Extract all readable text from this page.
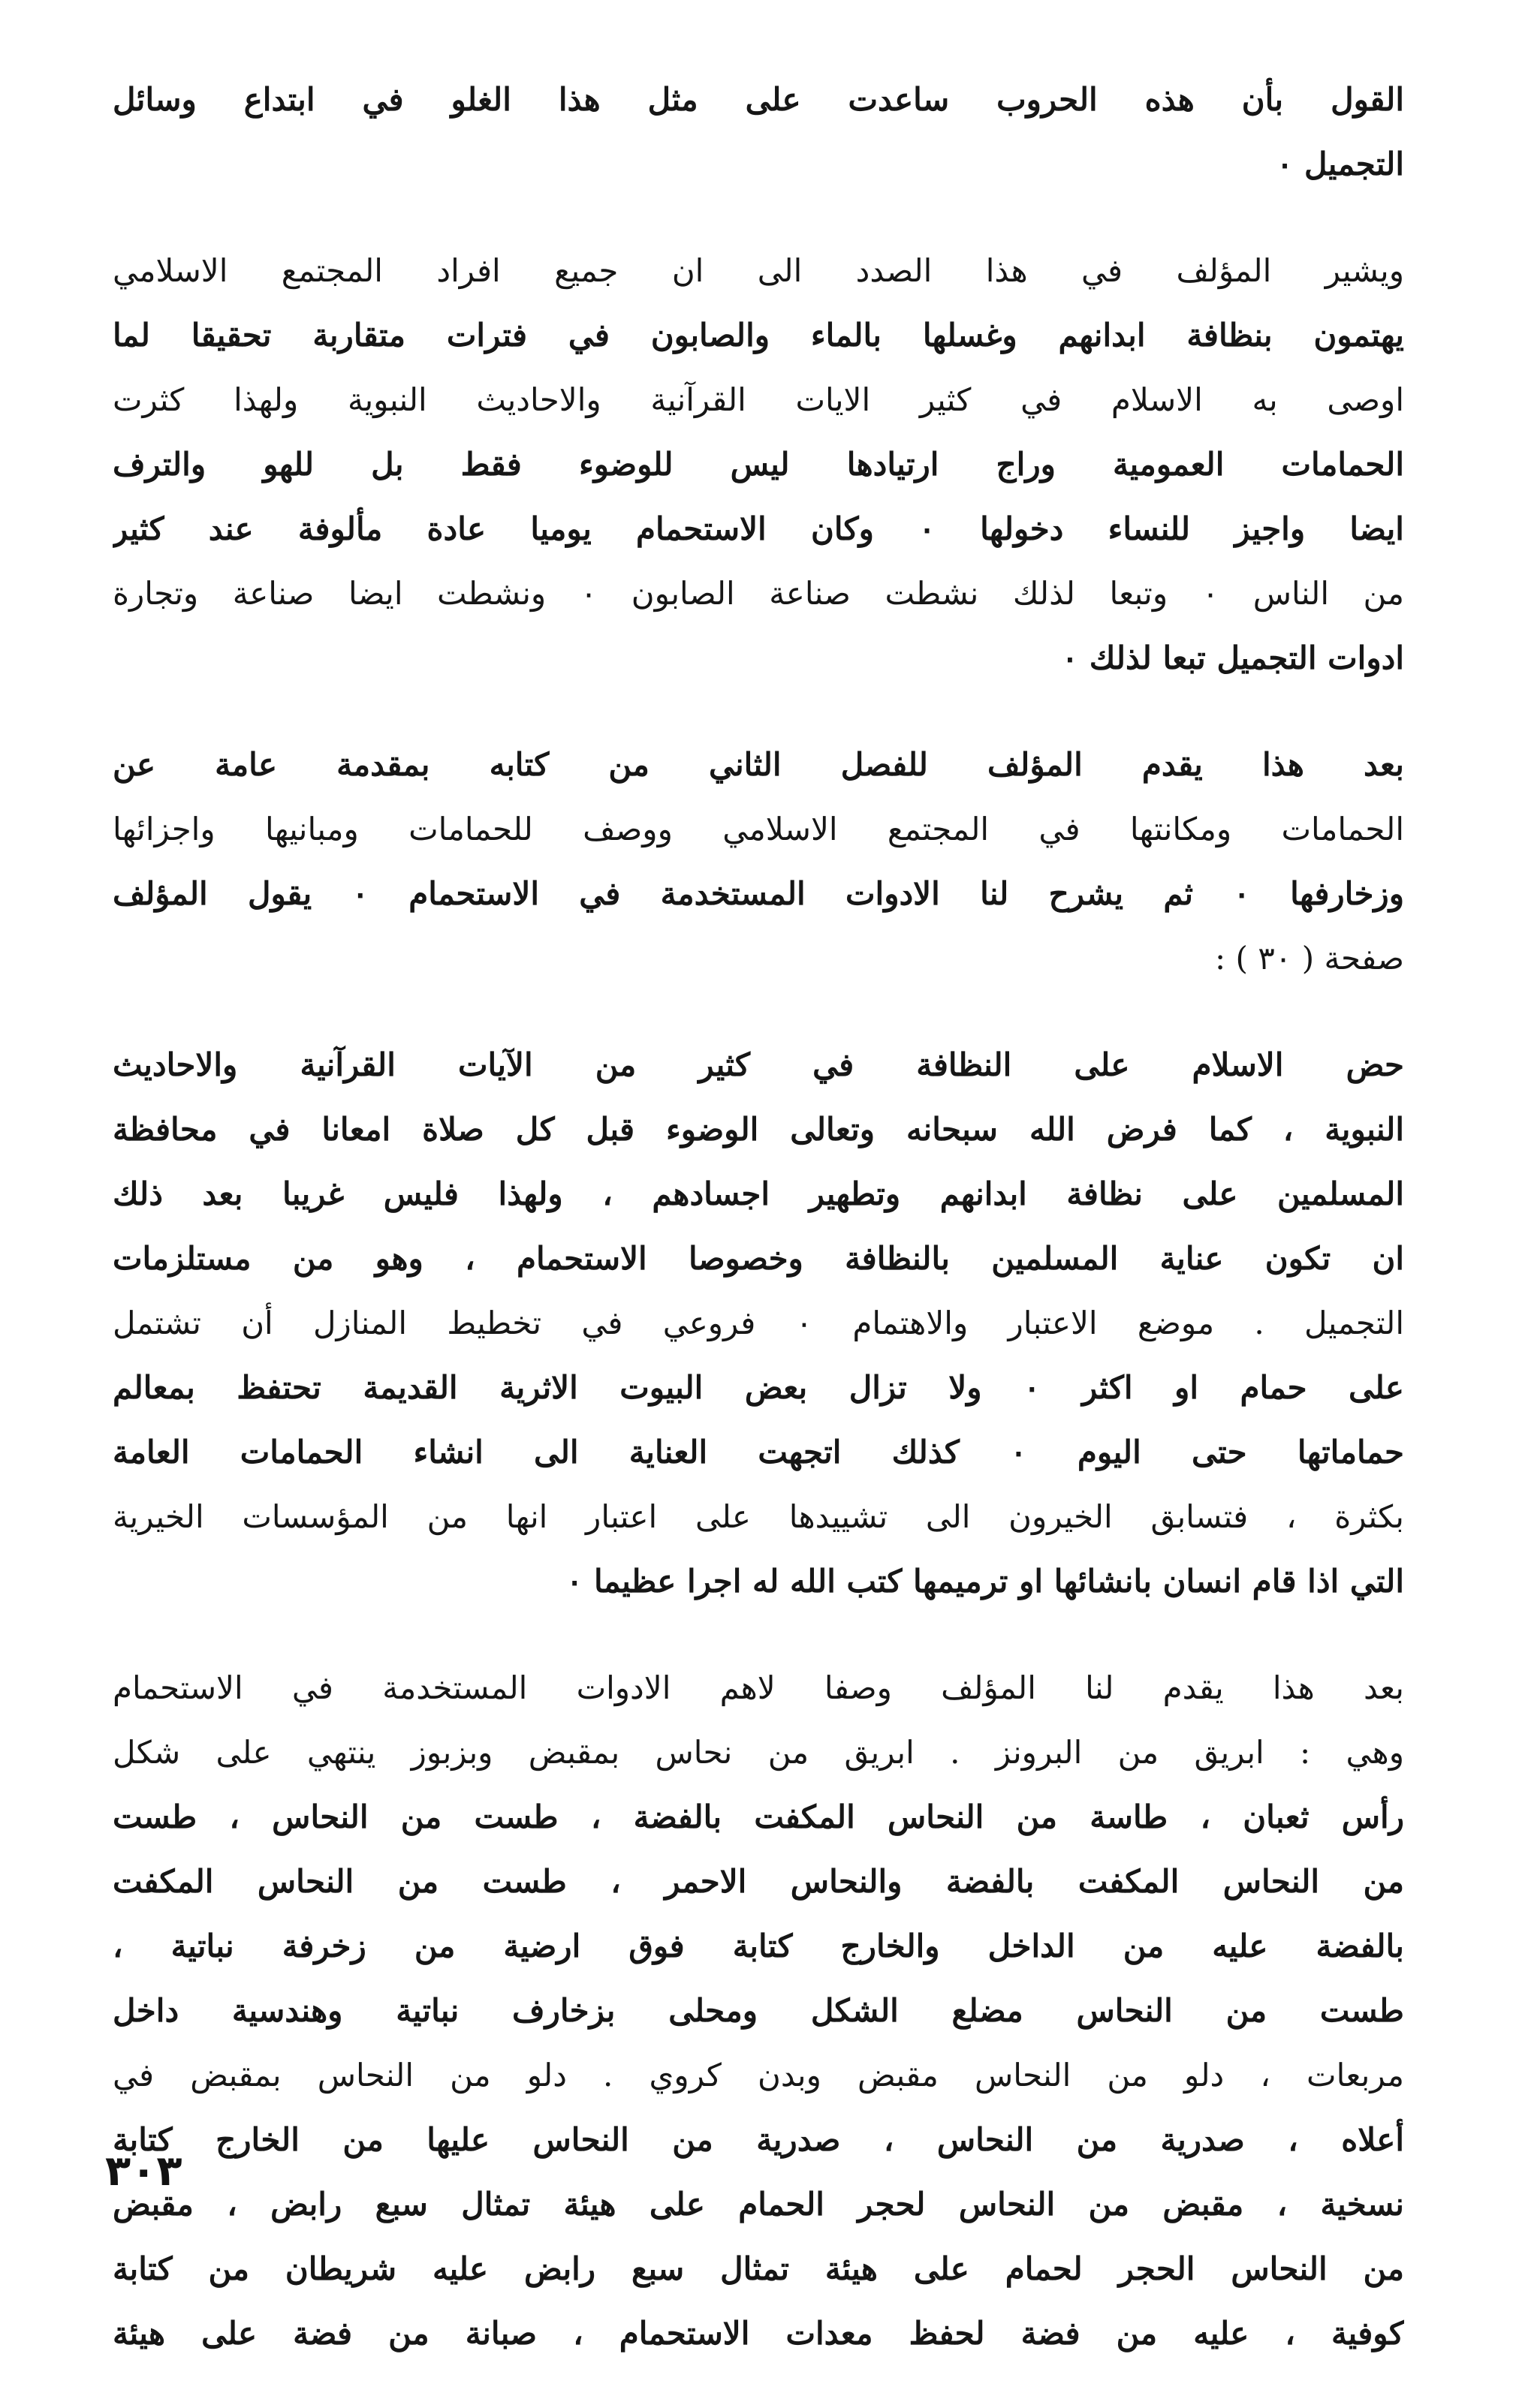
القول بأن هذه الحروب ساعدت على مثل هذا الغلو في ابتداع وسائل
التجميل ٠
ويشير المؤلف في هذا الصدد الى ان جميع افراد المجتمع الاسلامي
يهتمون بنظافة ابدانهم وغسلها بالماء والصابون في فترات متقاربة تحقيقا لما
اوصى به الاسلام في كثير الايات القرآنية والاحاديث النبوية ولهذا كثرت
الحمامات العمومية وراج ارتيادها ليس للوضوء فقط بل للهو والترف
ايضا واجيز للنساء دخولها ٠ وكان الاستحمام يوميا عادة مألوفة عند كثير
من الناس ٠ وتبعا لذلك نشطت صناعة الصابون ٠ ونشطت ايضا صناعة وتجارة
ادوات التجميل تبعا لذلك ٠
بعد هذا يقدم المؤلف للفصل الثاني من كتابه بمقدمة عامة عن
الحمامات ومكانتها في المجتمع الاسلامي ووصف للحمامات ومبانيها واجزائها
وزخارفها ٠ ثم يشرح لنا الادوات المستخدمة في الاستحمام ٠ يقول المؤلف
صفحة ( ٣٠ ) :
حض الاسلام على النظافة في كثير من الآيات القرآنية والاحاديث
النبوية ، كما فرض الله سبحانه وتعالى الوضوء قبل كل صلاة امعانا في محافظة
المسلمين على نظافة ابدانهم وتطهير اجسادهم ، ولهذا فليس غريبا بعد ذلك
ان تكون عناية المسلمين بالنظافة وخصوصا الاستحمام ، وهو من مستلزمات
التجميل . موضع الاعتبار والاهتمام ٠ فروعي في تخطيط المنازل أن تشتمل
على حمام او اكثر ٠ ولا تزال بعض البيوت الاثرية القديمة تحتفظ بمعالم
حماماتها حتى اليوم ٠ كذلك اتجهت العناية الى انشاء الحمامات العامة
بكثرة ، فتسابق الخيرون الى تشييدها على اعتبار انها من المؤسسات الخيرية
التي اذا قام انسان بانشائها او ترميمها كتب الله له اجرا عظيما ٠
بعد هذا يقدم لنا المؤلف وصفا لاهم الادوات المستخدمة في الاستحمام
وهي : ابريق من البرونز . ابريق من نحاس بمقبض وبزبوز ينتهي على شكل
رأس ثعبان ، طاسة من النحاس المكفت بالفضة ، طست من النحاس ، طست
من النحاس المكفت بالفضة والنحاس الاحمر ، طست من النحاس المكفت
بالفضة عليه من الداخل والخارج كتابة فوق ارضية من زخرفة نباتية ،
طست من النحاس مضلع الشكل ومحلى بزخارف نباتية وهندسية داخل
مربعات ، دلو من النحاس مقبض وبدن كروي . دلو من النحاس بمقبض في
أعلاه ، صدرية من النحاس ، صدرية من النحاس عليها من الخارج كتابة
نسخية ، مقبض من النحاس لحجر الحمام على هيئة تمثال سبع رابض ، مقبض
من النحاس الحجر لحمام على هيئة تمثال سبع رابض عليه شريطان من كتابة
كوفية ، عليه من فضة لحفظ معدات الاستحمام ، صبانة من فضة على هيئة
٣٠٣
